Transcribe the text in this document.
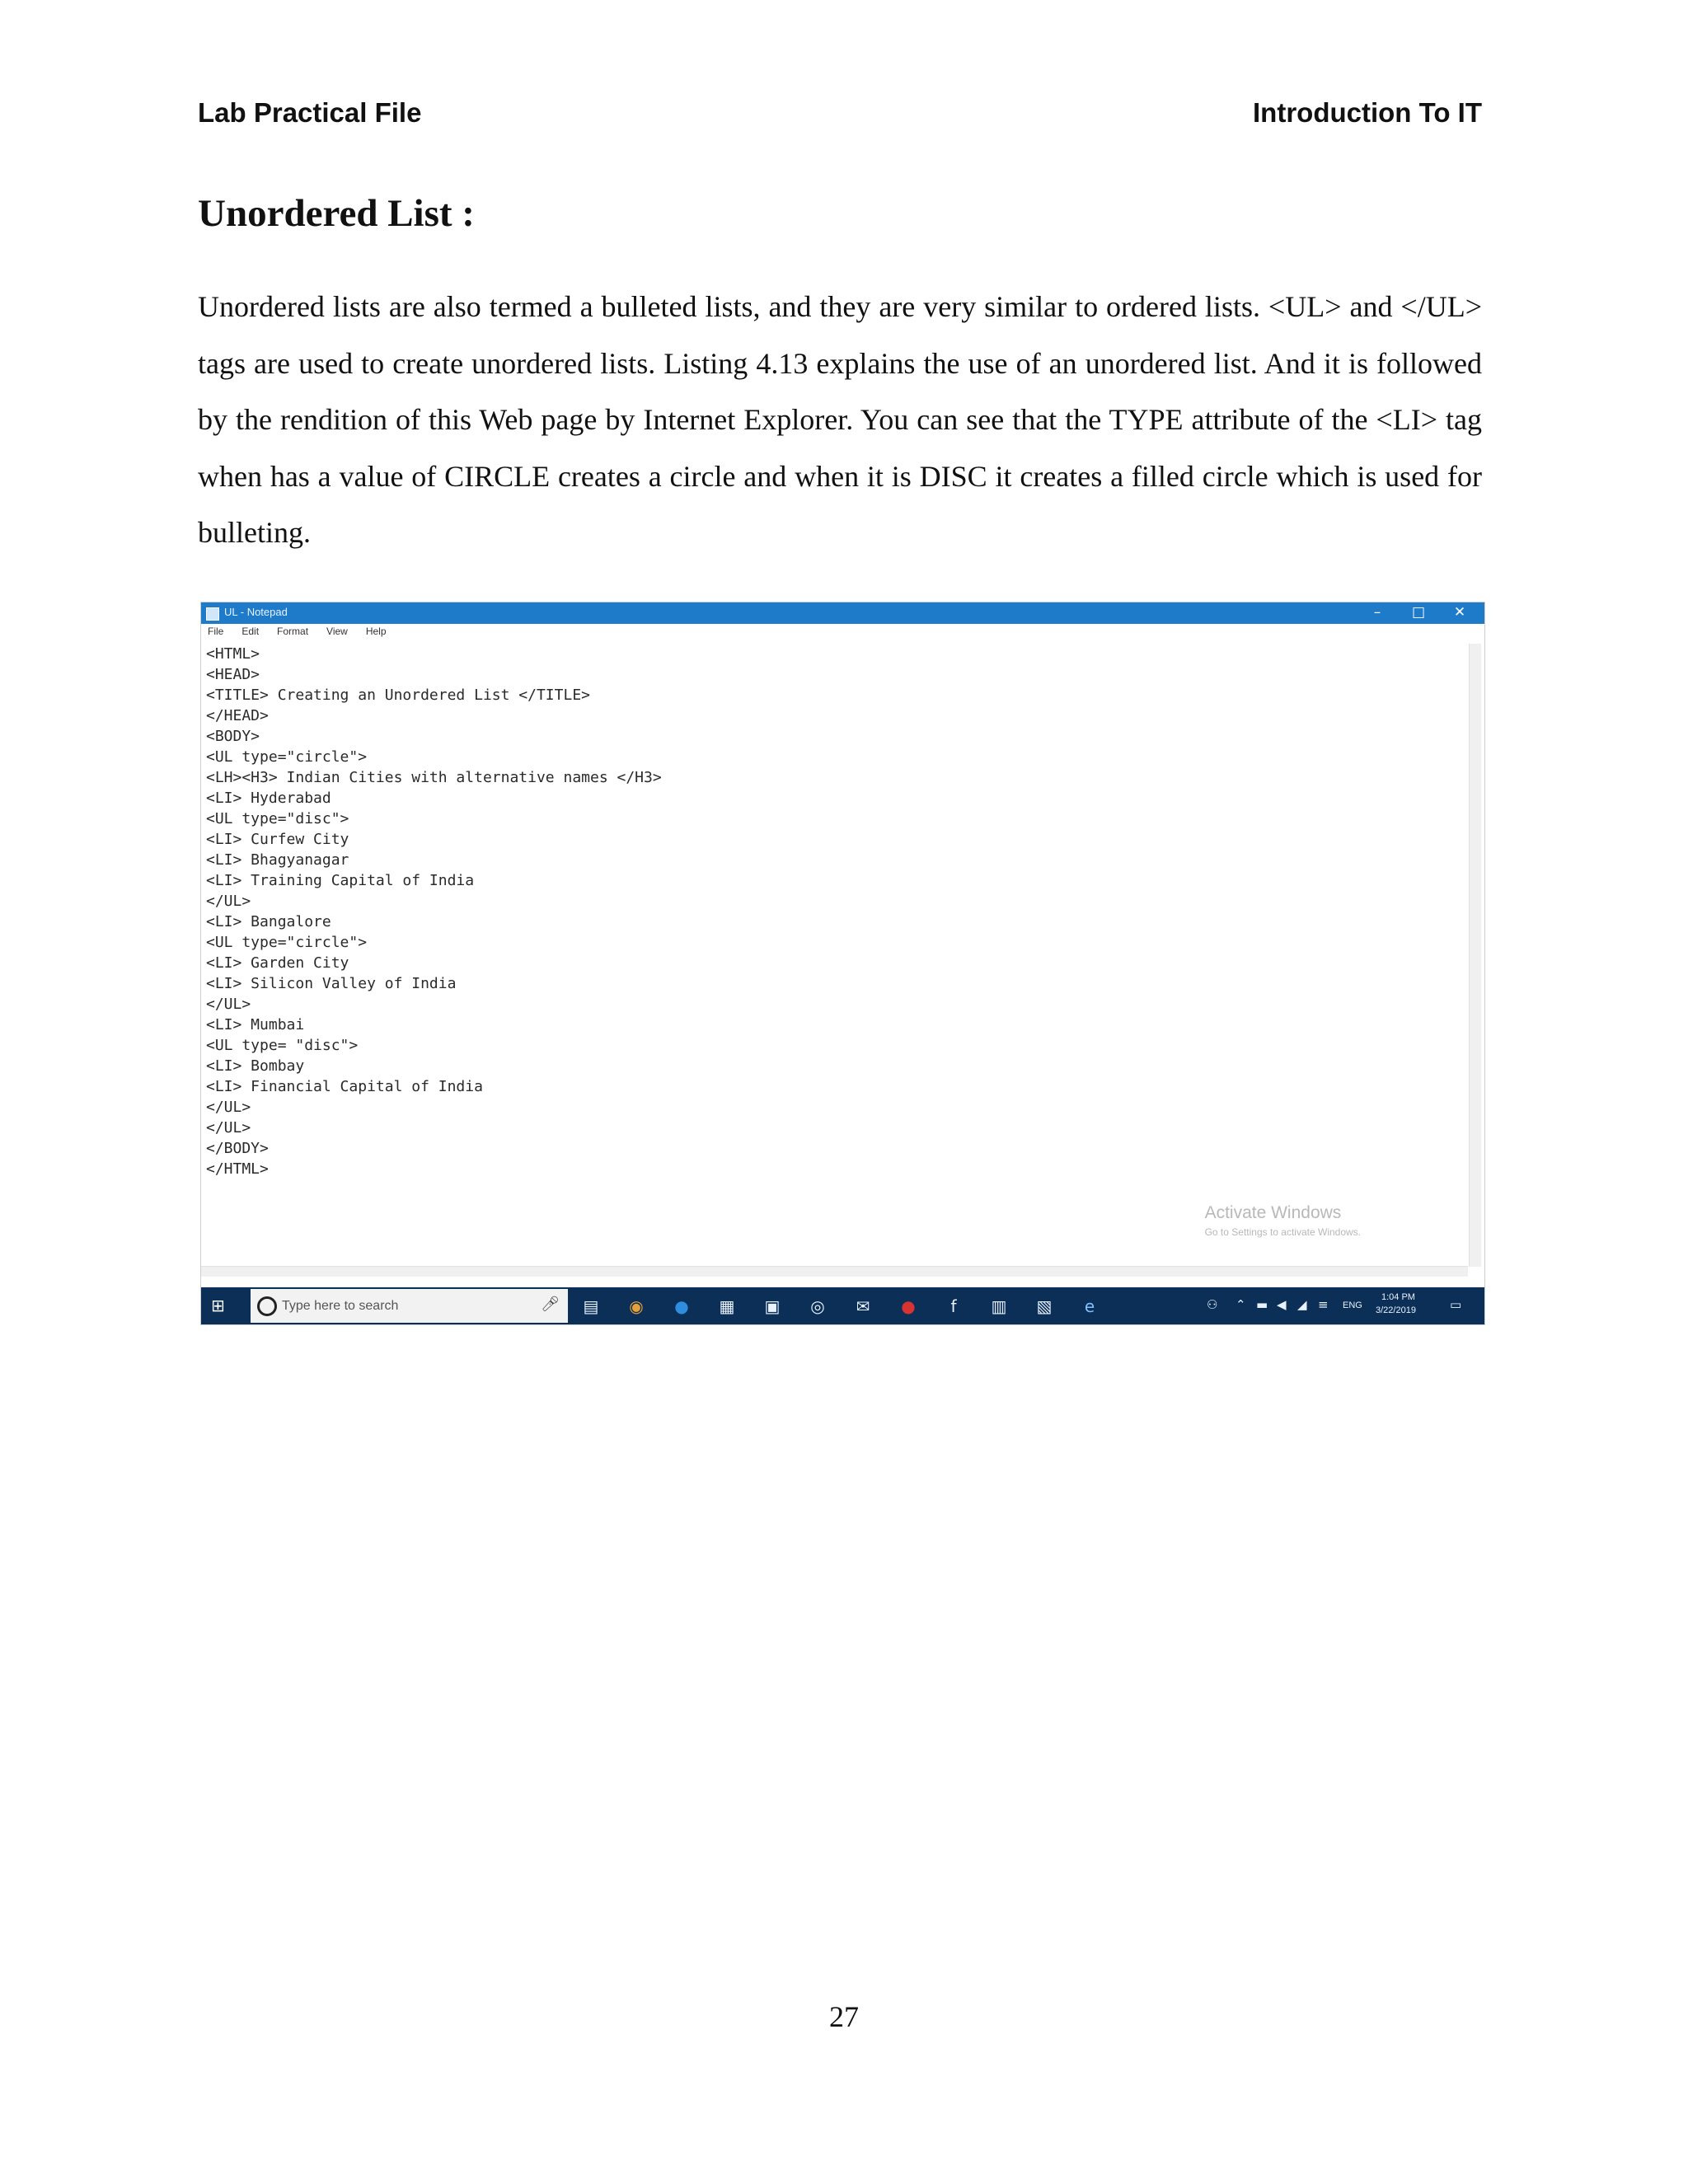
Lab Practical File	Introduction To IT
Unordered List :

Unordered lists are also termed a bulleted lists, and they are very similar to ordered lists. <UL> and </UL> tags are used to create unordered lists. Listing 4.13 explains the use of an unordered list. And it is followed by the rendition of this Web page by Internet Explorer. You can see that the TYPE attribute of the <LI> tag when has a value of CIRCLE creates a circle and when it is DISC it creates a filled circle which is used for bulleting.

UL - Notepad	–	□	✕
File Edit Format View Help
<HTML>
<HEAD>
<TITLE> Creating an Unordered List </TITLE>
</HEAD>
<BODY>
<UL type="circle">
<LH><H3> Indian Cities with alternative names </H3>
<LI> Hyderabad
<UL type="disc">
<LI> Curfew City
<LI> Bhagyanagar
<LI> Training Capital of India
</UL>
<LI> Bangalore
<UL type="circle">
<LI> Garden City
<LI> Silicon Valley of India
</UL>
<LI> Mumbai
<UL type= "disc">
<LI> Bombay
<LI> Financial Capital of India
</UL>
</UL>
</BODY>
</HTML>
Activate Windows
Go to Settings to activate Windows.
⊞	Type here to search	🎤︎ ▤ ◉ ● ▦ ▣ ◎ ✉ ●	f	▥ ▧	e	⚇ ⌃ ▬ ◀ ◢ ≡ ENG
1:04 PM
3/22/2019	▭
27
